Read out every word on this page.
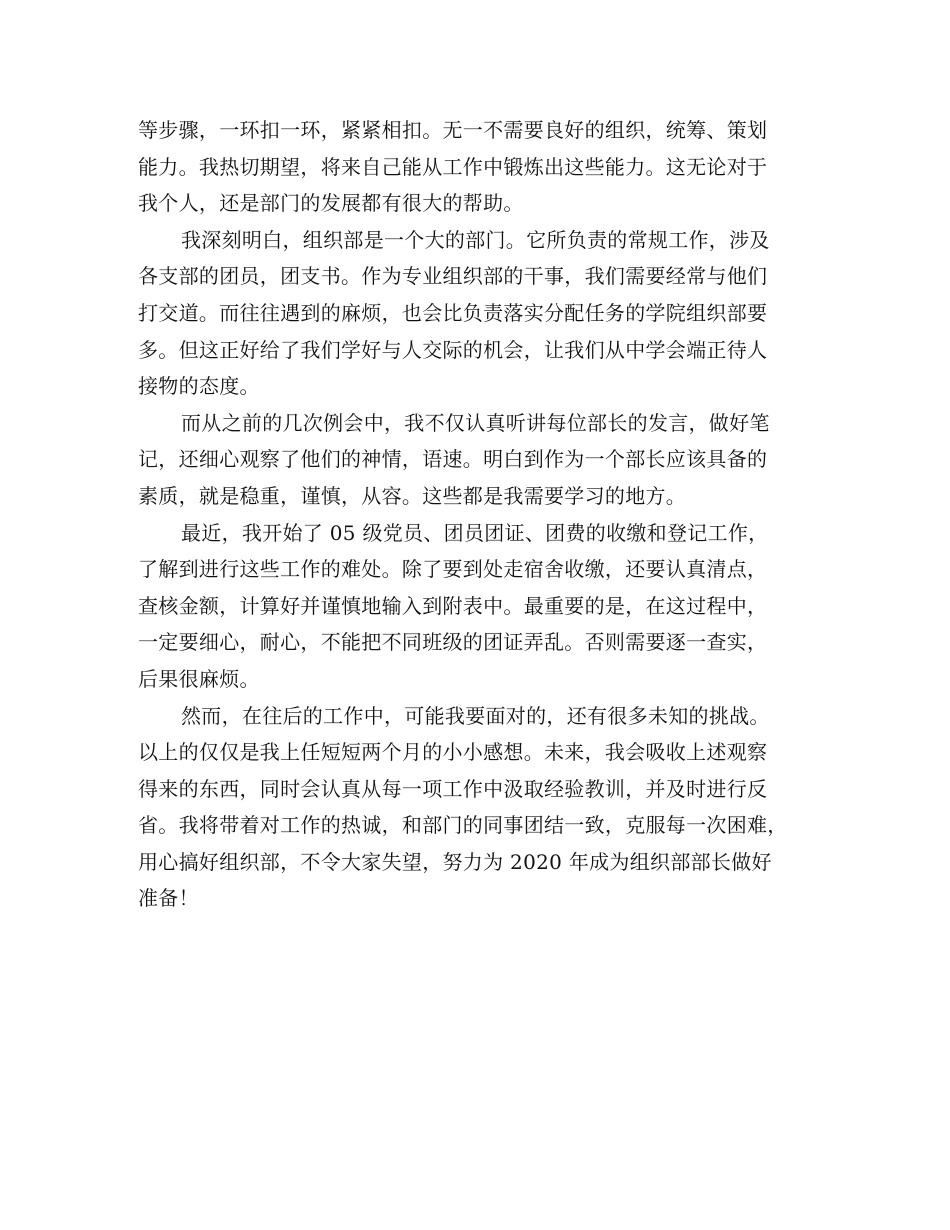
等步骤，一环扣一环，紧紧相扣。无一不需要良好的组织，统筹、策划
能力。我热切期望，将来自己能从工作中锻炼出这些能力。这无论对于
我个人，还是部门的发展都有很大的帮助。
我深刻明白，组织部是一个大的部门。它所负责的常规工作，涉及
各支部的团员，团支书。作为专业组织部的干事，我们需要经常与他们
打交道。而往往遇到的麻烦，也会比负责落实分配任务的学院组织部要
多。但这正好给了我们学好与人交际的机会，让我们从中学会端正待人
接物的态度。
而从之前的几次例会中，我不仅认真听讲每位部长的发言，做好笔
记，还细心观察了他们的神情，语速。明白到作为一个部长应该具备的
素质，就是稳重，谨慎，从容。这些都是我需要学习的地方。
最近，我开始了 05 级党员、团员团证、团费的收缴和登记工作，
了解到进行这些工作的难处。除了要到处走宿舍收缴，还要认真清点，
查核金额，计算好并谨慎地输入到附表中。最重要的是，在这过程中，
一定要细心，耐心，不能把不同班级的团证弄乱。否则需要逐一查实，
后果很麻烦。
然而，在往后的工作中，可能我要面对的，还有很多未知的挑战。
以上的仅仅是我上任短短两个月的小小感想。未来，我会吸收上述观察
得来的东西，同时会认真从每一项工作中汲取经验教训，并及时进行反
省。我将带着对工作的热诚，和部门的同事团结一致，克服每一次困难，
用心搞好组织部，不令大家失望，努力为 2020 年成为组织部部长做好
准备！
